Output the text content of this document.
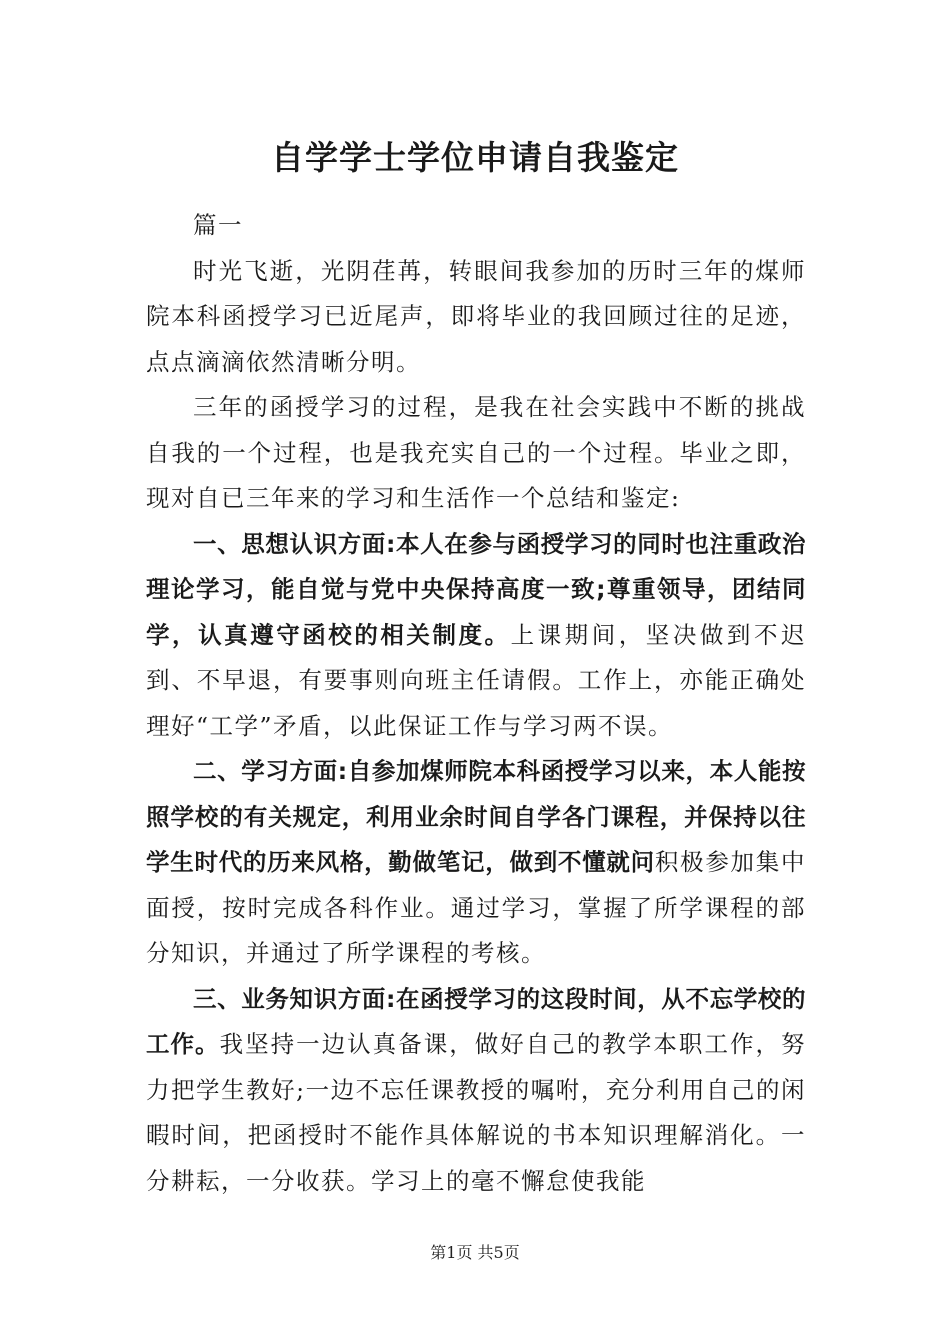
自学学士学位申请自我鉴定

篇一

时光飞逝，光阴荏苒，转眼间我参加的历时三年的煤师院本科函授学习已近尾声，即将毕业的我回顾过往的足迹，点点滴滴依然清晰分明。

三年的函授学习的过程，是我在社会实践中不断的挑战自我的一个过程，也是我充实自己的一个过程。毕业之即，现对自已三年来的学习和生活作一个总结和鉴定:

一、思想认识方面:本人在参与函授学习的同时也注重政治理论学习，能自觉与党中央保持高度一致;尊重领导，团结同学，认真遵守函校的相关制度。上课期间，坚决做到不迟到、不早退，有要事则向班主任请假。工作上，亦能正确处理好“工学”矛盾，以此保证工作与学习两不误。

二、学习方面:自参加煤师院本科函授学习以来，本人能按照学校的有关规定，利用业余时间自学各门课程，并保持以往学生时代的历来风格，勤做笔记，做到不懂就问积极参加集中面授，按时完成各科作业。通过学习，掌握了所学课程的部分知识，并通过了所学课程的考核。

三、业务知识方面:在函授学习的这段时间，从不忘学校的工作。我坚持一边认真备课，做好自己的教学本职工作，努力把学生教好;一边不忘任课教授的嘱咐，充分利用自己的闲暇时间，把函授时不能作具体解说的书本知识理解消化。一分耕耘，一分收获。学习上的毫不懈怠使我能

第1页 共5页
